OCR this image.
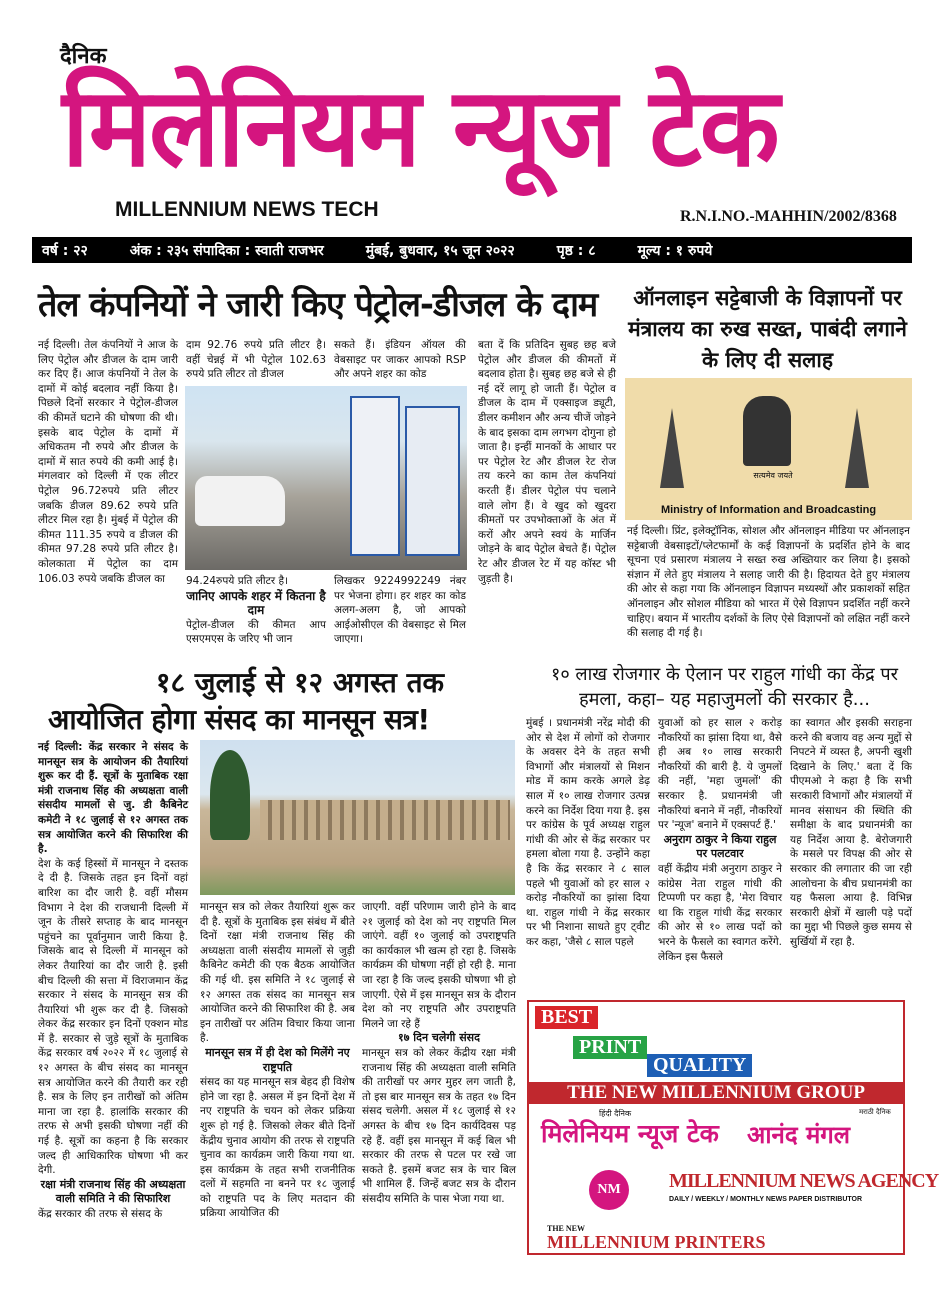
दैनिक
मिलेनियम न्यूज टेक
MILLENNIUM NEWS TECH	R.N.I.NO.-MAHHIN/2002/8368
वर्ष : २२	अंक : २३५ संपादिका : स्वाती राजभर	मुंबई, बुधवार, १५ जून २०२२	पृष्ठ : ८	मूल्य : १ रुपये
तेल कंपनियों ने जारी किए पेट्रोल-डीजल के दाम
नई दिल्ली। तेल कंपनियों ने आज के लिए पेट्रोल और डीजल के दाम जारी कर दिए हैं। आज कंपनियों ने तेल के दामों में कोई बदलाव नहीं किया है। पिछले दिनों सरकार ने पेट्रोल-डीजल की कीमतें घटाने की घोषणा की थी। इसके बाद पेट्रोल के दामों में अधिकतम नौ रुपये और डीजल के दामों में सात रुपये की कमी आई है। मंगलवार को दिल्ली में एक लीटर पेट्रोल 96.72रुपये प्रति लीटर जबकि डीजल 89.62 रुपये प्रति लीटर मिल रहा है। मुंबई में पेट्रोल की कीमत 111.35 रुपये व डीजल की कीमत 97.28 रुपये प्रति लीटर है। कोलकाता में पेट्रोल का दाम 106.03 रुपये जबकि डीजल का
दाम 92.76 रुपये प्रति लीटर है। वहीं चेन्नई में भी पेट्रोल 102.63 रुपये प्रति लीटर तो डीजल
सकते हैं। इंडियन ऑयल की वेबसाइट पर जाकर आपको RSP और अपने शहर का कोड
94.24रुपये प्रति लीटर है।
जानिए आपके शहर में कितना है दाम
पेट्रोल-डीजल की कीमत आप एसएमएस के जरिए भी जान
लिखकर 9224992249 नंबर पर भेजना होगा। हर शहर का कोड अलग-अलग है, जो आपको आईओसीएल की वेबसाइट से मिल जाएगा।
बता दें कि प्रतिदिन सुबह छह बजे पेट्रोल और डीजल की कीमतों में बदलाव होता है। सुबह छह बजे से ही नई दरें लागू हो जाती हैं। पेट्रोल व डीजल के दाम में एक्साइज ड्यूटी, डीलर कमीशन और अन्य चीजें जोड़ने के बाद इसका दाम लगभग दोगुना हो जाता है। इन्हीं मानकों के आधार पर पर पेट्रोल रेट और डीजल रेट रोज तय करने का काम तेल कंपनियां करती हैं। डीलर पेट्रोल पंप चलाने वाले लोग हैं। वे खुद को खुदरा कीमतों पर उपभोक्ताओं के अंत में करों और अपने स्वयं के मार्जिन जोड़ने के बाद पेट्रोल बेचते हैं। पेट्रोल रेट और डीजल रेट में यह कॉस्ट भी जुड़ती है।
ऑनलाइन सट्टेबाजी के विज्ञापनों पर मंत्रालय का रुख सख्त, पाबंदी लगाने के लिए दी सलाह
सत्यमेव जयते
Ministry of Information and Broadcasting
नई दिल्ली। प्रिंट, इलेक्ट्रॉनिक, सोशल और ऑनलाइन मीडिया पर ऑनलाइन सट्टेबाजी वेबसाइटों/प्लेटफार्मों के कई विज्ञापनों के प्रदर्शित होने के बाद सूचना एवं प्रसारण मंत्रालय ने सख्त रुख अख्तियार कर लिया है। इसको संज्ञान में लेते हुए मंत्रालय ने सलाह जारी की है। हिदायत देते हुए मंत्रालय की ओर से कहा गया कि ऑनलाइन विज्ञापन मध्यस्थों और प्रकाशकों सहित ऑनलाइन और सोशल मीडिया को भारत में ऐसे विज्ञापन प्रदर्शित नहीं करने चाहिए। बयान में भारतीय दर्शकों के लिए ऐसे विज्ञापनों को लक्षित नहीं करने की सलाह दी गई है।
१८ जुलाई से १२ अगस्त तक
आयोजित होगा संसद का मानसून सत्र!
नई दिल्ली: केंद्र सरकार ने संसद के मानसून सत्र के आयोजन की तैयारियां शुरू कर दी हैं. सूत्रों के मुताबिक रक्षा मंत्री राजनाथ सिंह की अध्यक्षता वाली संसदीय मामलों से जु. डी कैबिनेट कमेटी ने १८ जुलाई से १२ अगस्त तक सत्र आयोजित करने की सिफारिश की है.
देश के कई हिस्सों में मानसून ने दस्तक दे दी है. जिसके तहत इन दिनों वहां बारिश का दौर जारी है. वहीं मौसम विभाग ने देश की राजधानी दिल्ली में जून के तीसरे सप्ताह के बाद मानसून पहुंचने का पूर्वानुमान जारी किया है. जिसके बाद से दिल्ली में मानसून को लेकर तैयारियां का दौर जारी है. इसी बीच दिल्ली की सत्ता में विराजमान केंद्र सरकार ने संसद के मानसून सत्र की तैयारियां भी शुरू कर दी है. जिसको लेकर केंद्र सरकार इन दिनों एक्शन मोड में है. सरकार से जुड़े सूत्रों के मुताबिक केंद्र सरकार वर्ष २०२२ में १८ जुलाई से १२ अगस्त के बीच संसद का मानसून सत्र आयोजित करने की तैयारी कर रही है. सत्र के लिए इन तारीखों को अंतिम माना जा रहा है. हालांकि सरकार की तरफ से अभी इसकी घोषणा नहीं की गई है. सूत्रों का कहना है कि सरकार जल्द ही आधिकारिक घोषणा भी कर देगी.
रक्षा मंत्री राजनाथ सिंह की अध्यक्षता वाली समिति ने की सिफारिश
केंद्र सरकार की तरफ से संसद के
मानसून सत्र को लेकर तैयारियां शुरू कर दी है. सूत्रों के मुताबिक इस संबंध में बीते दिनों रक्षा मंत्री राजनाथ सिंह की अध्यक्षता वाली संसदीय मामलों से जुड़ी कैबिनेट कमेटी की एक बैठक आयोजित की गई थी. इस समिति ने १८ जुलाई से १२ अगस्त तक संसद का मानसून सत्र आयोजित करने की सिफारिश की है. अब इन तारीखों पर अंतिम विचार किया जाना है.
मानसून सत्र में ही देश को मिलेंगे नए राष्ट्रपति
संसद का यह मानसून सत्र बेहद ही विशेष होने जा रहा है. असल में इन दिनों देश में नए राष्ट्रपति के चयन को लेकर प्रक्रिया शुरू हो गई है. जिसको लेकर बीते दिनों केंद्रीय चुनाव आयोग की तरफ से राष्ट्रपति चुनाव का कार्यक्रम जारी किया गया था. इस कार्यक्रम के तहत सभी राजनीतिक दलों में सहमति ना बनने पर १८ जुलाई को राष्ट्रपति पद के लिए मतदान की प्रक्रिया आयोजित की
जाएगी. वहीं परिणाम जारी होने के बाद २१ जुलाई को देश को नए राष्ट्रपति मिल जाएंगे. वहीं १० जुलाई को उपराष्ट्रपति का कार्यकाल भी खत्म हो रहा है. जिसके कार्यक्रम की घोषणा नहीं हो रही है. माना जा रहा है कि जल्द इसकी घोषणा भी हो जाएगी. ऐसे में इस मानसून सत्र के दौरान देश को नए राष्ट्रपति और उपराष्ट्रपति मिलने जा रहे हैं
१७ दिन चलेगी संसद
मानसून सत्र को लेकर केंद्रीय रक्षा मंत्री राजनाथ सिंह की अध्यक्षता वाली समिति की तारीखों पर अगर मुहर लग जाती है, तो इस बार मानसून सत्र के तहत १७ दिन संसद चलेगी. असल में १८ जुलाई से १२ अगस्त के बीच १७ दिन कार्यदिवस पड़ रहे हैं. वहीं इस मानसून में कई बिल भी सरकार की तरफ से पटल पर रखे जा सकते है. इसमें बजट सत्र के चार बिल भी शामिल हैं. जिन्हें बजट सत्र के दौरान संसदीय समिति के पास भेजा गया था.
१० लाख रोजगार के ऐलान पर राहुल गांधी का केंद्र पर हमला, कहा– यह महाजुमलों की सरकार है...
मुंबई । प्रधानमंत्री नरेंद्र मोदी की ओर से देश में लोगों को रोजगार के अवसर देने के तहत सभी विभागों और मंत्रालयों से मिशन मोड में काम करके अगले डेढ़ साल में १० लाख रोजगार उत्पन्न करने का निर्देश दिया गया है. इस पर कांग्रेस के पूर्व अध्यक्ष राहुल गांधी की ओर से केंद्र सरकार पर हमला बोला गया है. उन्होंने कहा है कि केंद्र सरकार ने ८ साल पहले भी युवाओं को हर साल २ करोड़ नौकरियों का झांसा दिया था. राहुल गांधी ने केंद्र सरकार पर भी निशाना साधते हुए ट्वीट कर कहा, 'जैसे ८ साल पहले
युवाओं को हर साल २ करोड़ नौकरियों का झांसा दिया था, वैसे ही अब १० लाख सरकारी नौकरियों की बारी है. ये जुमलों की नहीं, 'महा जुमलों' की सरकार है. प्रधानमंत्री जी नौकरियां बनाने में नहीं, नौकरियों पर 'न्यूज' बनाने में एक्सपर्ट हैं.'
अनुराग ठाकुर ने किया राहुल पर पलटवार
वहीं केंद्रीय मंत्री अनुराग ठाकुर ने कांग्रेस नेता राहुल गांधी की टिप्पणी पर कहा है, 'मेरा विचार था कि राहुल गांधी केंद्र सरकार की ओर से १० लाख पदों को भरने के फैसले का स्वागत करेंगे. लेकिन इस फैसले
का स्वागत और इसकी सराहना करने की बजाय वह अन्य मुद्दों से निपटने में व्यस्त है, अपनी खुशी दिखाने के लिए.' बता दें कि पीएमओ ने कहा है कि सभी सरकारी विभागों और मंत्रालयों में मानव संसाधन की स्थिति की समीक्षा के बाद प्रधानमंत्री का यह निर्देश आया है. बेरोजगारी के मसले पर विपक्ष की ओर से सरकार की लगातार की जा रही आलोचना के बीच प्रधानमंत्री का यह फैसला आया है. विभिन्न सरकारी क्षेत्रों में खाली पड़े पदों का मुद्दा भी पिछले कुछ समय से सुर्खियों में रहा है.
BEST
PRINT
QUALITY
THE NEW MILLENNIUM GROUP
हिंदी दैनिक
मिलेनियम न्यूज टेक
मराठी दैनिक
आनंद मंगल
NM	MILLENNIUM NEWS AGENCY
DAILY / WEEKLY / MONTHLY NEWS PAPER DISTRIBUTOR
THE NEW
MILLENNIUM PRINTERS
